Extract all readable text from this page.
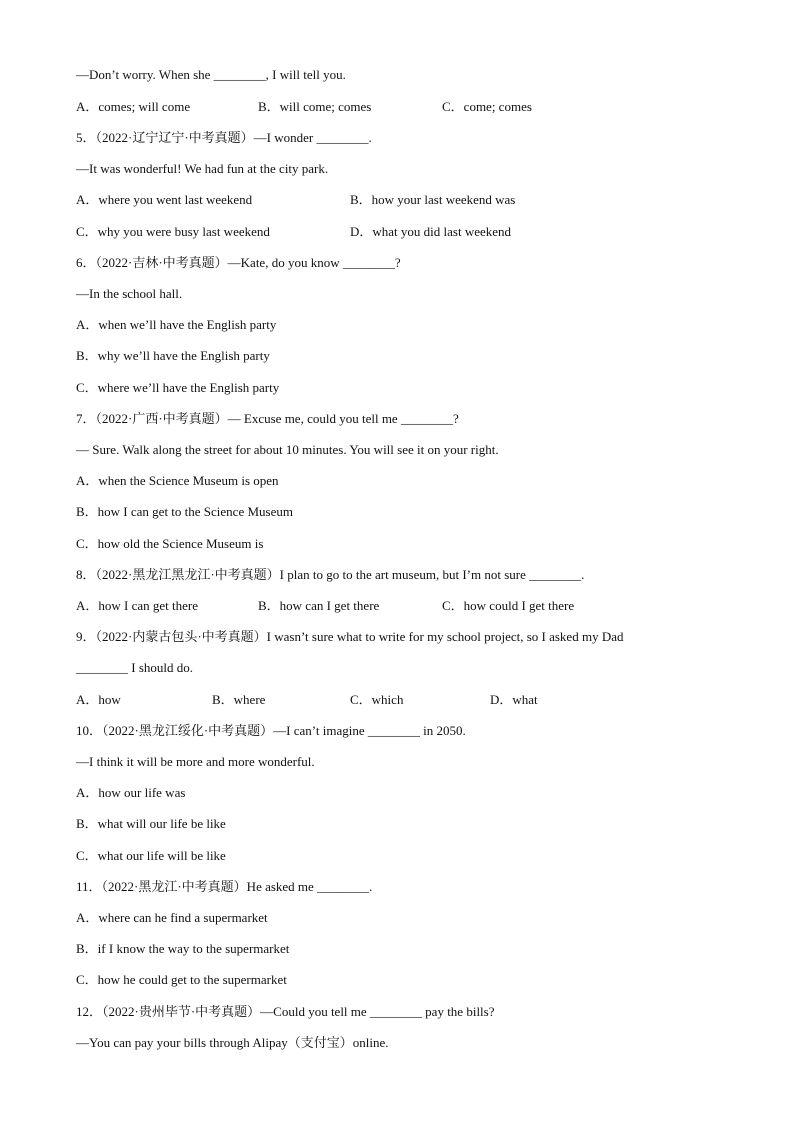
—Don’t worry. When she ________, I will tell you.
A．comes; will come	B．will come; comes	C．come; comes
5．（2022·辽宁辽宁·中考真题）—I wonder ________.
—It was wonderful! We had fun at the city park.
A．where you went last weekend	B．how your last weekend was
C．why you were busy last weekend	D．what you did last weekend
6．（2022·吉林·中考真题）—Kate, do you know ________?
—In the school hall.
A．when we’ll have the English party
B．why we’ll have the English party
C．where we’ll have the English party
7．（2022·广西·中考真题）— Excuse me, could you tell me ________?
— Sure. Walk along the street for about 10 minutes. You will see it on your right.
A．when the Science Museum is open
B．how I can get to the Science Museum
C．how old the Science Museum is
8．（2022·黑龙江黑龙江·中考真题）I plan to go to the art museum, but I’m not sure ________.
A．how I can get there	B．how can I get there	C．how could I get there
9．（2022·内蒙古包头·中考真题）I wasn’t sure what to write for my school project, so I asked my Dad
________ I should do.
A．how	B．where	C．which	D．what
10．（2022·黑龙江绥化·中考真题）—I can’t imagine ________ in 2050.
—I think it will be more and more wonderful.
A．how our life was
B．what will our life be like
C．what our life will be like
11．（2022·黑龙江·中考真题）He asked me ________.
A．where can he find a supermarket
B．if I know the way to the supermarket
C．how he could get to the supermarket
12．（2022·贵州毕节·中考真题）—Could you tell me ________ pay the bills?
—You can pay your bills through Alipay（支付宝）online.
